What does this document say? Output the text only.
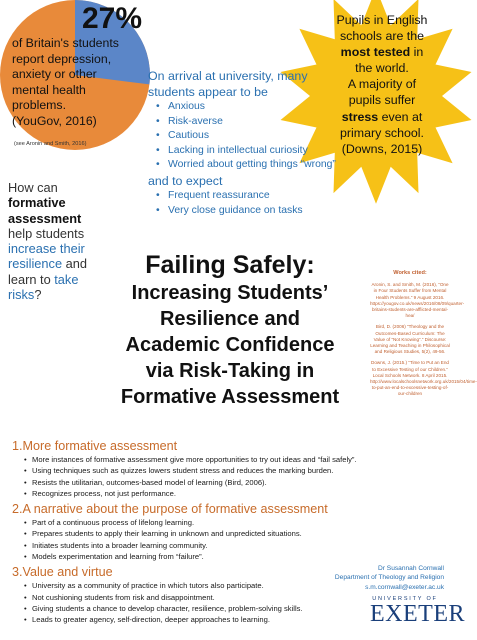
27%
of Britain's students
report depression,
anxiety or other
mental health
problems.
(YouGov, 2016)
(see Aronin and Smith, 2016)
Pupils in English
schools are the
most tested in
the world.
A majority of
pupils suffer
stress even at
primary school.
(Downs, 2015)
On arrival at university, many
students appear to be
• Anxious
• Risk-averse
• Cautious
• Lacking in intellectual curiosity
• Worried about getting things “wrong”
and to expect
• Frequent reassurance
• Very close guidance on tasks
How can
formative
assessment
help students
increase their
resilience and
learn to take
risks?
Failing Safely:
Increasing Students’
Resilience and
Academic Confidence
via Risk-Taking in
Formative Assessment
Works cited:

Aronin, S. and Smith, M. (2016), “One in Four Students Suffer from Mental Health Problems.” 9 August 2016. https://yougov.co.uk/news/2016/08/09/quarter-britains-students-are-afflicted-mental-hea/

Bird, D. (2006) “Theology and the Outcomes-Based Curriculum: The Value of “Not Knowing”.” Discourse: Learning and Teaching in Philosophical and Religious Studies, 5(2), 49-56.

Downs, J. (2015.) “Time to Put an End to Excessive Testing of our Children.” Local Schools Network. 8 April 2015. http://www.localschoolsnetwork.org.uk/2015/04/time-to-put-an-end-to-excessive-testing-of-our-children

1.More formative assessment
• More instances of formative assessment give more opportunities to try out ideas and “fail safely”.
• Using techniques such as quizzes lowers student stress and reduces the marking burden.
• Resists the utilitarian, outcomes-based model of learning (Bird, 2006).
• Recognizes process, not just performance.
2.A narrative about the purpose of formative assessment
• Part of a continuous process of lifelong learning.
• Prepares students to apply their learning in unknown and unpredicted situations.
• Initiates students into a broader learning community.
• Models experimentation and learning from “failure”.
3.Value and virtue
• University as a community of practice in which tutors also participate.
• Not cushioning students from risk and disappointment.
• Giving students a chance to develop character, resilience, problem-solving skills.
• Leads to greater agency, self-direction, deeper approaches to learning.
Dr Susannah Cornwall
Department of Theology and Religion
s.m.cornwall@exeter.ac.uk
UNIVERSITY OF
EXETER
